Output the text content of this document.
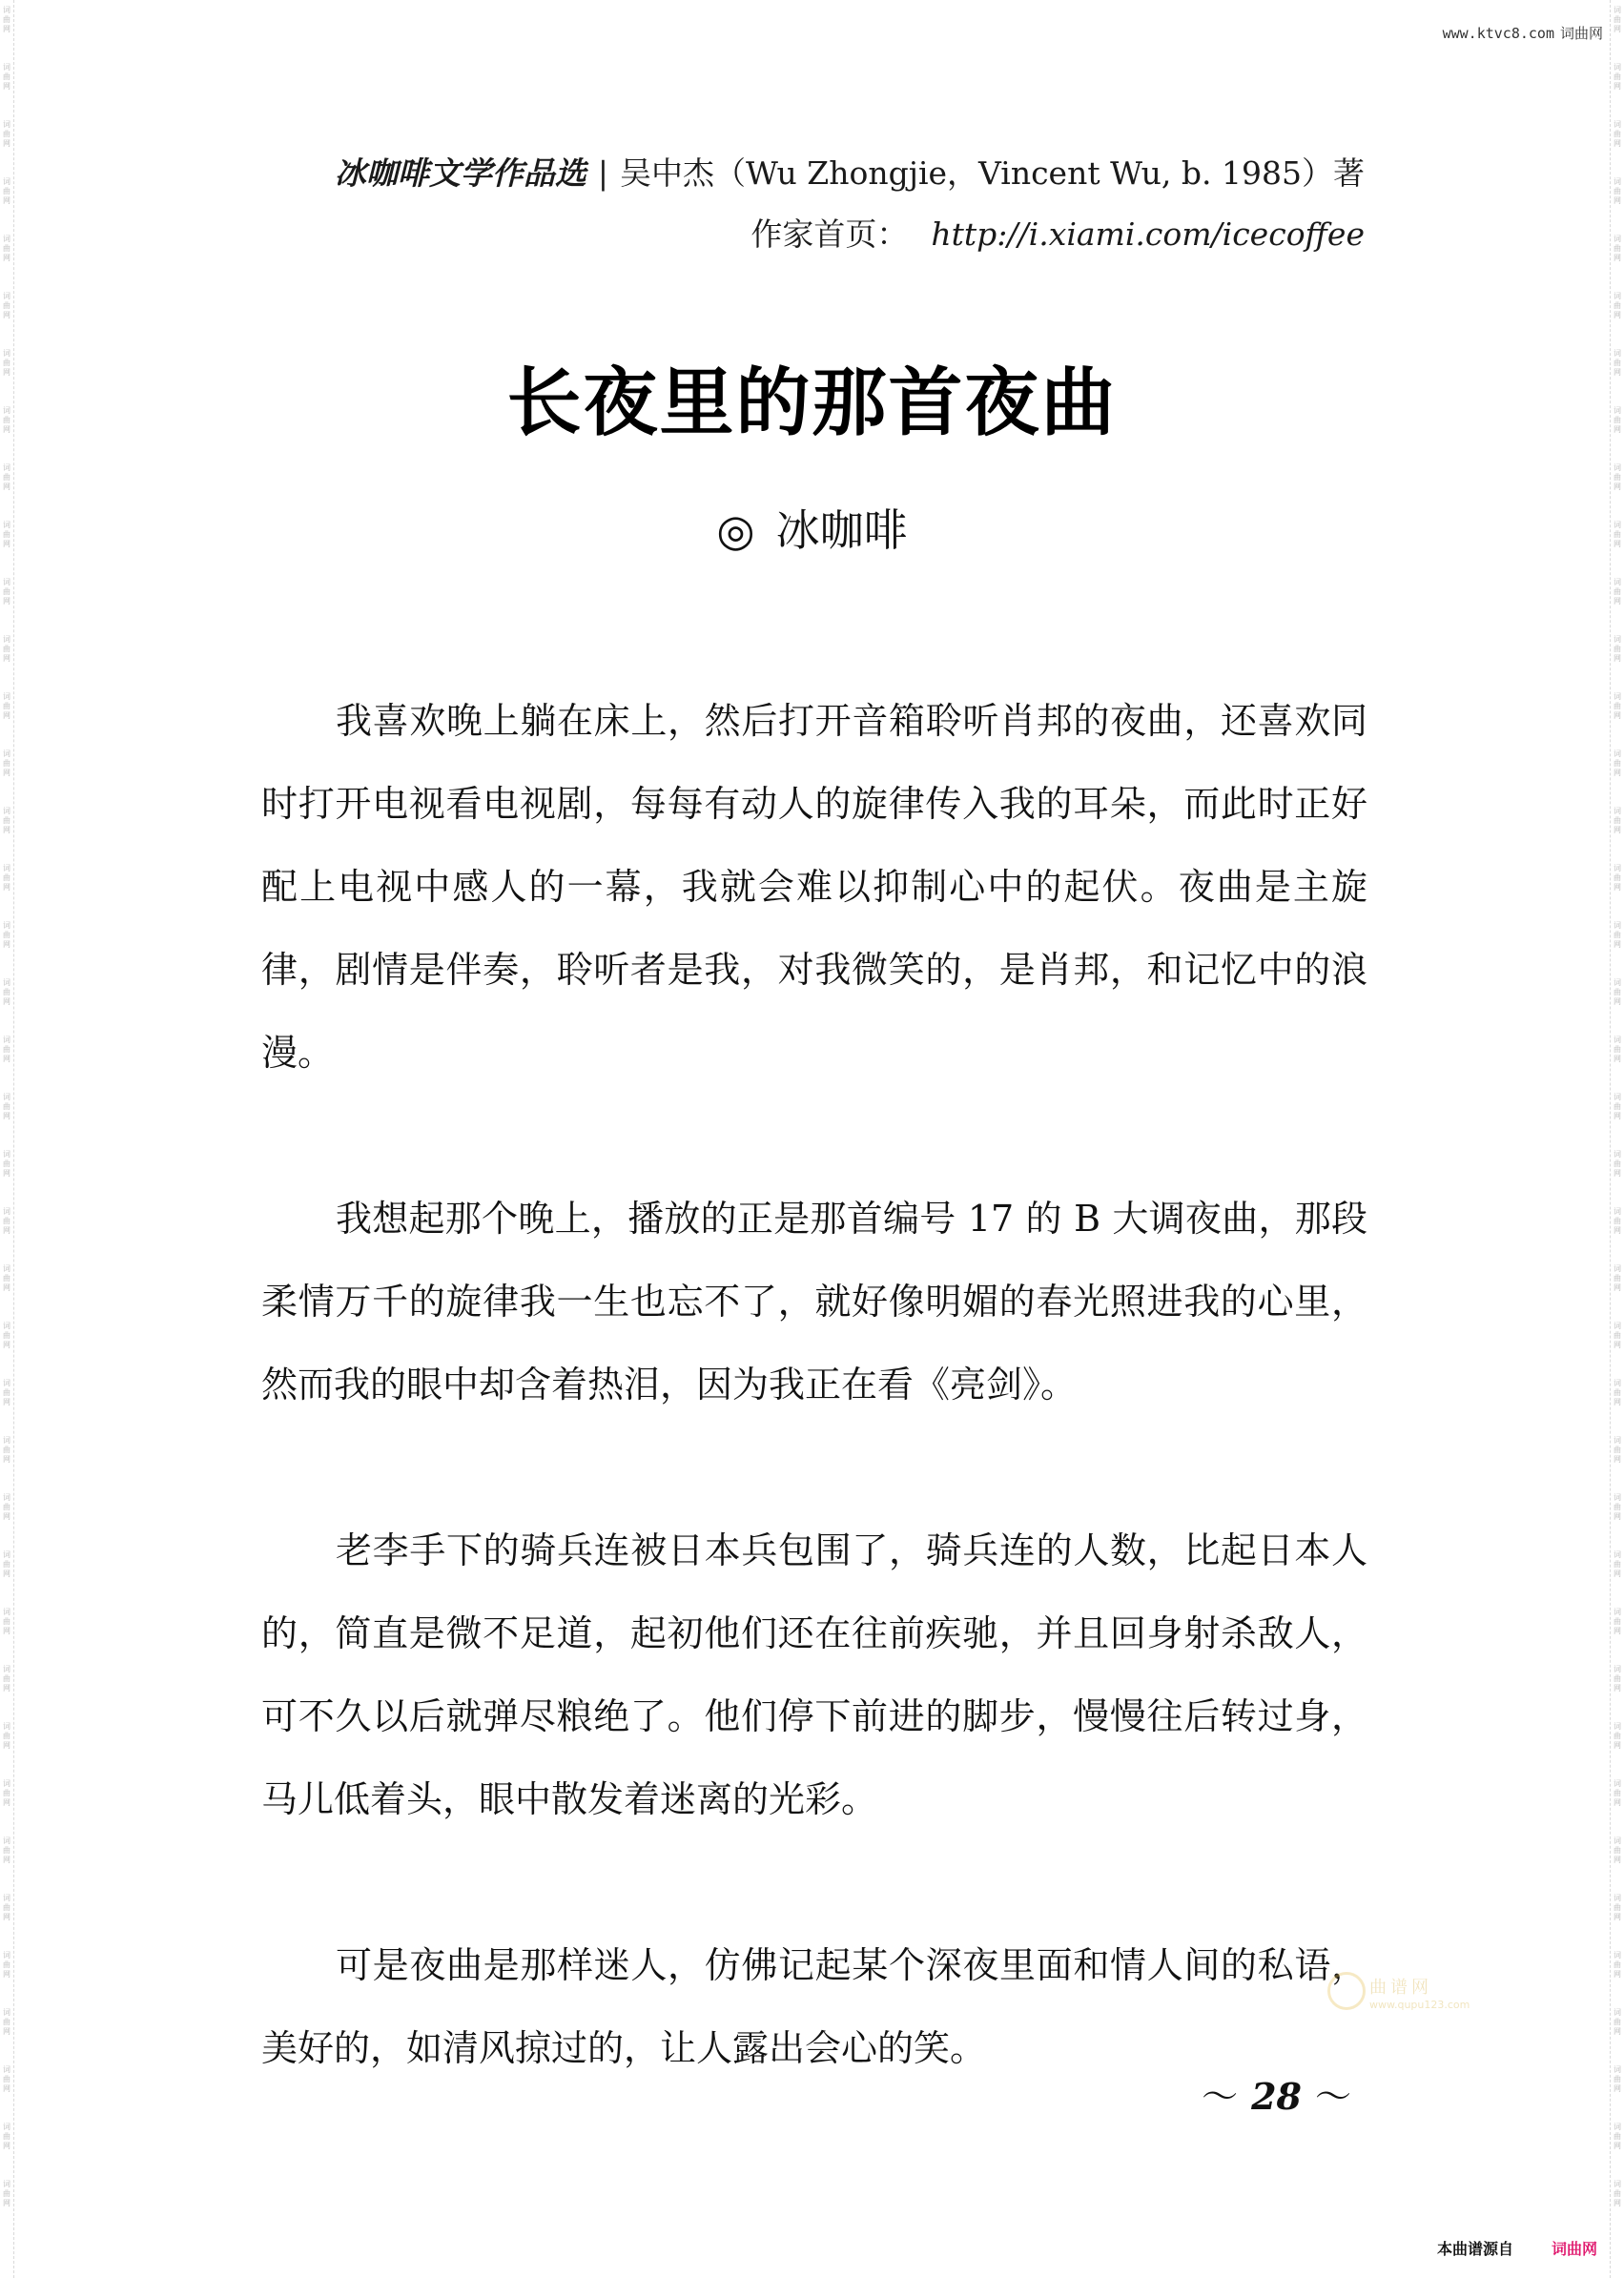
词曲网
词曲网
词曲网
词曲网
词曲网
词曲网
词曲网
词曲网
词曲网
词曲网
词曲网
词曲网
词曲网
词曲网
词曲网
词曲网
词曲网
词曲网
词曲网
词曲网
词曲网
词曲网
词曲网
词曲网
词曲网
词曲网
词曲网
词曲网
词曲网
词曲网
词曲网
词曲网
词曲网
词曲网
词曲网
词曲网
词曲网
词曲网
词曲网
词曲网
词曲网
词曲网
词曲网
词曲网
词曲网
词曲网
词曲网
词曲网
词曲网
词曲网
词曲网
词曲网
词曲网
词曲网
词曲网
词曲网
词曲网
词曲网
词曲网
词曲网
词曲网
词曲网
词曲网
词曲网
词曲网
词曲网
词曲网
词曲网
词曲网
词曲网
词曲网
词曲网
词曲网
词曲网
词曲网
词曲网
词曲网
词曲网
www.ktvc8.com 词曲网
冰咖啡文学作品选 | 吴中杰（Wu Zhongjie，Vincent Wu, b. 1985）著
作家首页： http://i.xiami.com/icecoffee
长夜里的那首夜曲
◎ 冰咖啡

我喜欢晚上躺在床上，然后打开音箱聆听肖邦的夜曲，还喜欢同时打开电视看电视剧，每每有动人的旋律传入我的耳朵，而此时正好配上电视中感人的一幕，我就会难以抑制心中的起伏。夜曲是主旋律，剧情是伴奏，聆听者是我，对我微笑的，是肖邦，和记忆中的浪漫。

我想起那个晚上，播放的正是那首编号 17 的 B 大调夜曲，那段柔情万千的旋律我一生也忘不了，就好像明媚的春光照进我的心里，然而我的眼中却含着热泪，因为我正在看《亮剑》。

老李手下的骑兵连被日本兵包围了，骑兵连的人数，比起日本人的，简直是微不足道，起初他们还在往前疾驰，并且回身射杀敌人，可不久以后就弹尽粮绝了。他们停下前进的脚步，慢慢往后转过身，马儿低着头，眼中散发着迷离的光彩。

可是夜曲是那样迷人，仿佛记起某个深夜里面和情人间的私语，美好的，如清风掠过的，让人露出会心的笑。

曲谱网
www.qupu123.com
～ 28 ～
本曲谱源自	词曲网
